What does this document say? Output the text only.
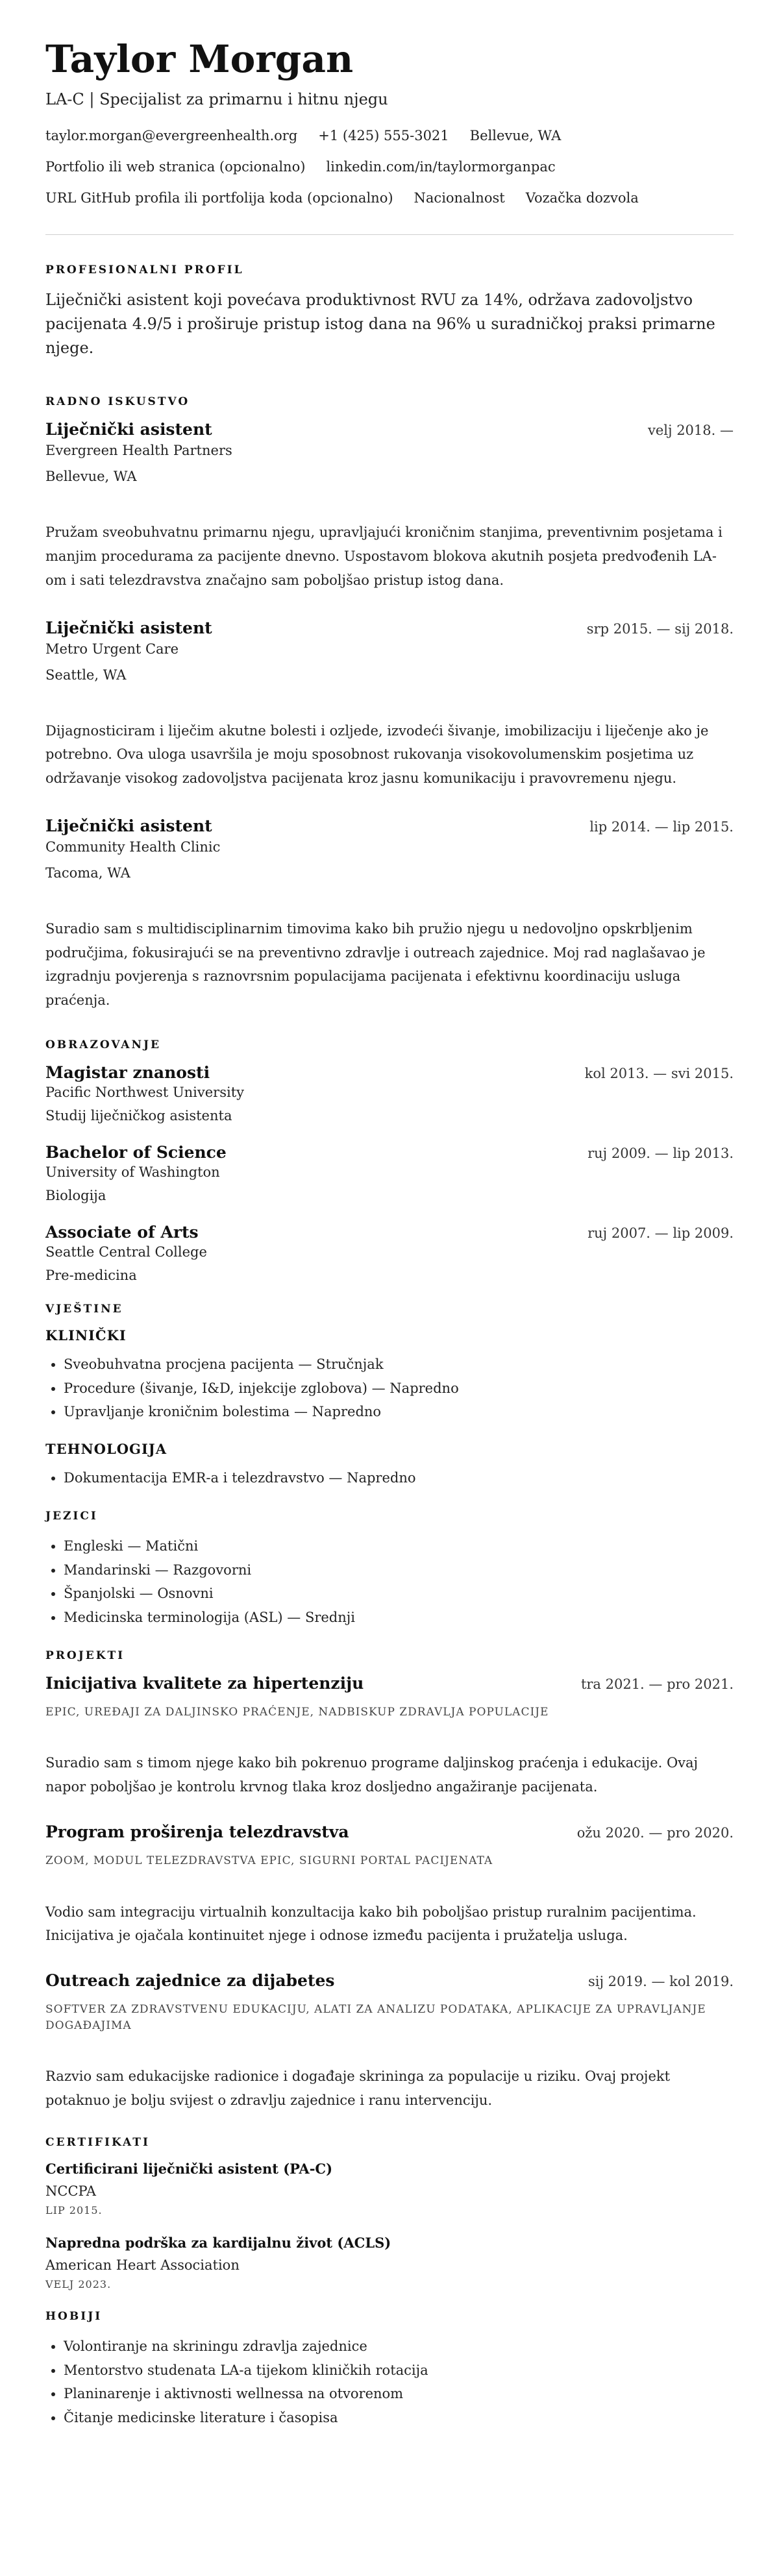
Taylor Morgan
LA-C | Specijalist za primarnu i hitnu njegu
taylor.morgan@evergreenhealth.org +1 (425) 555-3021 Bellevue, WA
Portfolio ili web stranica (opcionalno) linkedin.com/in/taylormorganpac
URL GitHub profila ili portfolija koda (opcionalno) Nacionalnost Vozačka dozvola
PROFESIONALNI PROFIL

Liječnički asistent koji povećava produktivnost RVU za 14%, održava zadovoljstvo pacijenata 4.9/5 i proširuje pristup istog dana na 96% u suradničkoj praksi primarne njege.

RADNO ISKUSTVO
Liječnički asistent	velj 2018. —
Evergreen Health Partners
Bellevue, WA
Pružam sveobuhvatnu primarnu njegu, upravljajući kroničnim stanjima, preventivnim posjetama i manjim procedurama za pacijente dnevno. Uspostavom blokova akutnih posjeta predvođenih LA-om i sati telezdravstva značajno sam poboljšao pristup istog dana.
Liječnički asistent	srp 2015. — sij 2018.
Metro Urgent Care
Seattle, WA
Dijagnosticiram i liječim akutne bolesti i ozljede, izvodeći šivanje, imobilizaciju i liječenje ako je potrebno. Ova uloga usavršila je moju sposobnost rukovanja visokovolumenskim posjetima uz održavanje visokog zadovoljstva pacijenata kroz jasnu komunikaciju i pravovremenu njegu.
Liječnički asistent	lip 2014. — lip 2015.
Community Health Clinic
Tacoma, WA
Suradio sam s multidisciplinarnim timovima kako bih pružio njegu u nedovoljno opskrbljenim područjima, fokusirajući se na preventivno zdravlje i outreach zajednice. Moj rad naglašavao je izgradnju povjerenja s raznovrsnim populacijama pacijenata i efektivnu koordinaciju usluga praćenja.
OBRAZOVANJE
Magistar znanosti	kol 2013. — svi 2015.
Pacific Northwest University
Studij liječničkog asistenta
Bachelor of Science	ruj 2009. — lip 2013.
University of Washington
Biologija
Associate of Arts	ruj 2007. — lip 2009.
Seattle Central College
Pre-medicina
VJEŠTINE
KLINIČKI
• Sveobuhvatna procjena pacijenta — Stručnjak
• Procedure (šivanje, I&D, injekcije zglobova) — Napredno
• Upravljanje kroničnim bolestima — Napredno
TEHNOLOGIJA
• Dokumentacija EMR-a i telezdravstvo — Napredno
JEZICI
• Engleski — Matični
• Mandarinski — Razgovorni
• Španjolski — Osnovni
• Medicinska terminologija (ASL) — Srednji
PROJEKTI
Inicijativa kvalitete za hipertenziju	tra 2021. — pro 2021.
EPIC, UREĐAJI ZA DALJINSKO PRAĆENJE, NADBISKUP ZDRAVLJA POPULACIJE
Suradio sam s timom njege kako bih pokrenuo programe daljinskog praćenja i edukacije. Ovaj napor poboljšao je kontrolu krvnog tlaka kroz dosljedno angažiranje pacijenata.
Program proširenja telezdravstva	ožu 2020. — pro 2020.
ZOOM, MODUL TELEZDRAVSTVA EPIC, SIGURNI PORTAL PACIJENATA
Vodio sam integraciju virtualnih konzultacija kako bih poboljšao pristup ruralnim pacijentima. Inicijativa je ojačala kontinuitet njege i odnose između pacijenta i pružatelja usluga.
Outreach zajednice za dijabetes	sij 2019. — kol 2019.
SOFTVER ZA ZDRAVSTVENU EDUKACIJU, ALATI ZA ANALIZU PODATAKA, APLIKACIJE ZA UPRAVLJANJE DOGAĐAJIMA
Razvio sam edukacijske radionice i događaje skrininga za populacije u riziku. Ovaj projekt potaknuo je bolju svijest o zdravlju zajednice i ranu intervenciju.
CERTIFIKATI
Certificirani liječnički asistent (PA-C)
NCCPA
LIP 2015.
Napredna podrška za kardijalnu život (ACLS)
American Heart Association
VELJ 2023.
HOBIJI
• Volontiranje na skriningu zdravlja zajednice
• Mentorstvo studenata LA-a tijekom kliničkih rotacija
• Planinarenje i aktivnosti wellnessa na otvorenom
• Čitanje medicinske literature i časopisa
